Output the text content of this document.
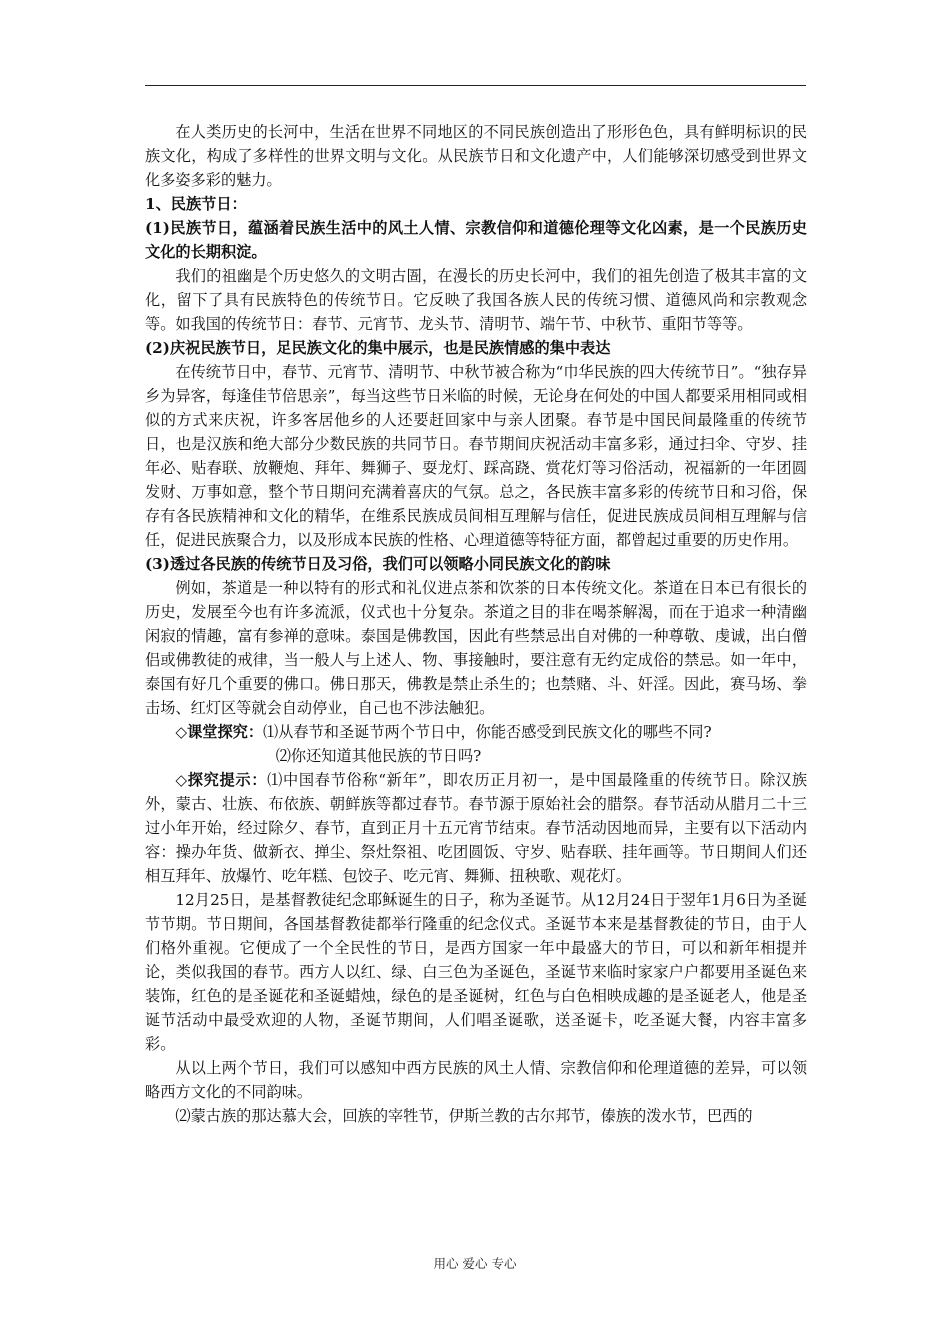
在人类历史的长河中，生活在世界不同地区的不同民族创造出了形形色色，具有鲜明标识的民族文化，构成了多样性的世界文明与文化。从民族节日和文化遗产中，人们能够深切感受到世界文化多姿多彩的魅力。

1、民族节日：

(1)民族节日，蕴涵着民族生活中的风土人情、宗教信仰和道德伦理等文化凶素，是一个民族历史文化的长期积淀。

我们的祖幽是个历史悠久的文明古圄，在漫长的历史长河中，我们的祖先创造了极其丰富的文化，留下了具有民族特色的传统节日。它反映了我国各族人民的传统习惯、道德风尚和宗教观念等。如我国的传统节日：春节、元宵节、龙头节、清明节、端午节、中秋节、重阳节等等。

(2)庆祝民族节日，足民族文化的集中展示，也是民族情感的集中表达

在传统节日中，春节、元宵节、清明节、中秋节被合称为“巾华民族的四大传统节日”。“独存异乡为异客，每逢佳节倍思亲”，每当这些节日米临的时候，无论身在何处的中国人都要采用相同或相似的方式来庆祝，许多客居他乡的人还要赶回家中与亲人团聚。春节是中国民间最隆重的传统节日，也是汉族和绝大部分少数民族的共同节日。春节期间庆祝活动丰富多彩，通过扫伞、守岁、挂年必、贴春联、放鞭炮、拜年、舞狮子、耍龙灯、踩高跷、赏花灯等习俗活动，祝福新的一年团圆发财、万事如意，整个节日期问充满着喜庆的气氛。总之，各民族丰富多彩的传统节日和习俗，保存有各民族精神和文化的精华，在维系民族成员间相互理解与信任，促进民族成员间相互理解与信任，促进民族聚合力，以及形成本民族的性格、心理道德等特征方面，都曾起过重要的历史作用。

(3)透过各民族的传统节日及习俗，我们可以领略小同民族文化的韵味

例如，茶道是一种以特有的形式和礼仪进点茶和饮茶的日本传统文化。茶道在日本已有很长的历史，发展至今也有许多流派，仪式也十分复杂。茶道之目的非在喝茶解渴，而在于追求一种清幽闲寂的情趣，富有参禅的意味。泰国是佛教国，因此有些禁忌出自对佛的一种尊敬、虔诚，出白僧侣或佛教徒的戒律，当一般人与上述人、物、事接触时，要注意有无约定成俗的禁忌。如一年中，泰国有好几个重要的佛口。佛日那天，佛教是禁止杀生的；也禁赌、斗、奸淫。因此，赛马场、拳击场、红灯区等就会自动停业，自己也不涉法触犯。

◇课堂探究：⑴从春节和圣诞节两个节日中，你能否感受到民族文化的哪些不同?

⑵你还知道其他民族的节日吗?

◇探究提示：⑴中国春节俗称“新年”，即农历正月初一，是中国最隆重的传统节日。除汉族外，蒙古、壮族、布依族、朝鲜族等都过春节。春节源于原始社会的腊祭。春节活动从腊月二十三过小年开始，经过除夕、春节，直到正月十五元宵节结束。春节活动因地而异，主要有以下活动内容：操办年货、做新衣、掸尘、祭灶祭祖、吃团圆饭、守岁、贴春联、挂年画等。节日期间人们还相互拜年、放爆竹、吃年糕、包饺子、吃元宵、舞狮、扭秧歌、观花灯。

12月25日，是基督教徒纪念耶稣诞生的日子，称为圣诞节。从12月24日于翌年1月6日为圣诞节节期。节日期间，各国基督教徒都举行隆重的纪念仪式。圣诞节本来是基督教徒的节日，由于人们格外重视。它便成了一个全民性的节日，是西方国家一年中最盛大的节日，可以和新年相提并论，类似我国的春节。西方人以红、绿、白三色为圣诞色，圣诞节来临时家家户户都要用圣诞色来装饰，红色的是圣诞花和圣诞蜡烛，绿色的是圣诞树，红色与白色相映成趣的是圣诞老人，他是圣诞节活动中最受欢迎的人物，圣诞节期间，人们唱圣诞歌，送圣诞卡，吃圣诞大餐，内容丰富多彩。

从以上两个节日，我们可以感知中西方民族的风土人情、宗教信仰和伦理道德的差异，可以领略西方文化的不同韵味。

⑵蒙古族的那达慕大会，回族的宰牲节，伊斯兰教的古尔邦节，傣族的泼水节，巴西的

用心 爱心 专心
